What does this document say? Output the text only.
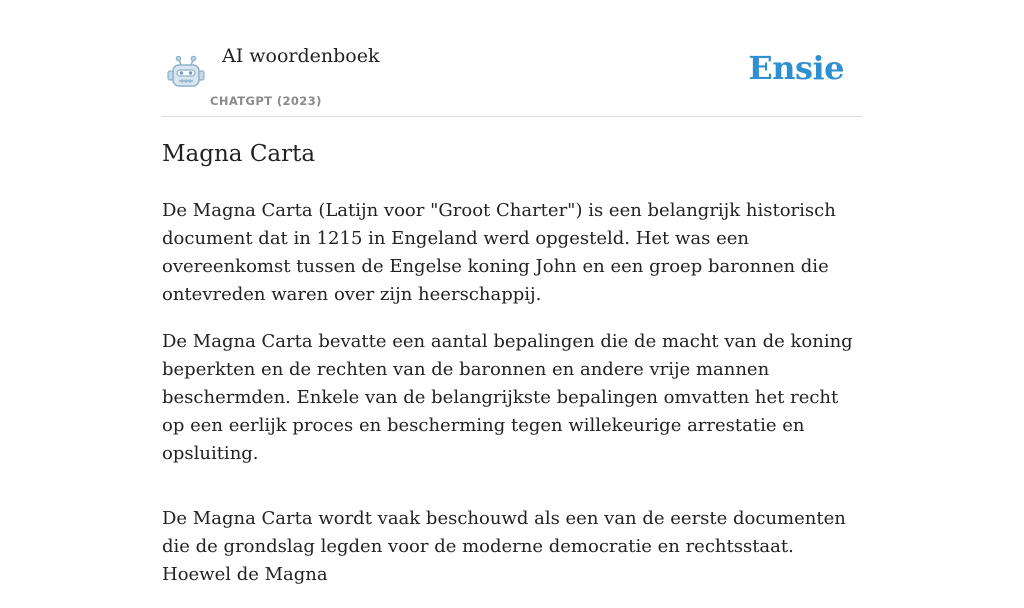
AI woordenboek
CHATGPT (2023)
Ensie
Magna Carta

De Magna Carta (Latijn voor "Groot Charter") is een belangrijk historisch document dat in 1215 in Engeland werd opgesteld. Het was een overeenkomst tussen de Engelse koning John en een groep baronnen die ontevreden waren over zijn heerschappij.

De Magna Carta bevatte een aantal bepalingen die de macht van de koning beperkten en de rechten van de baronnen en andere vrije mannen beschermden. Enkele van de belangrijkste bepalingen omvatten het recht op een eerlijk proces en bescherming tegen willekeurige arrestatie en opsluiting.

De Magna Carta wordt vaak beschouwd als een van de eerste documenten die de grondslag legden voor de moderne democratie en rechtsstaat. Hoewel de Magna
